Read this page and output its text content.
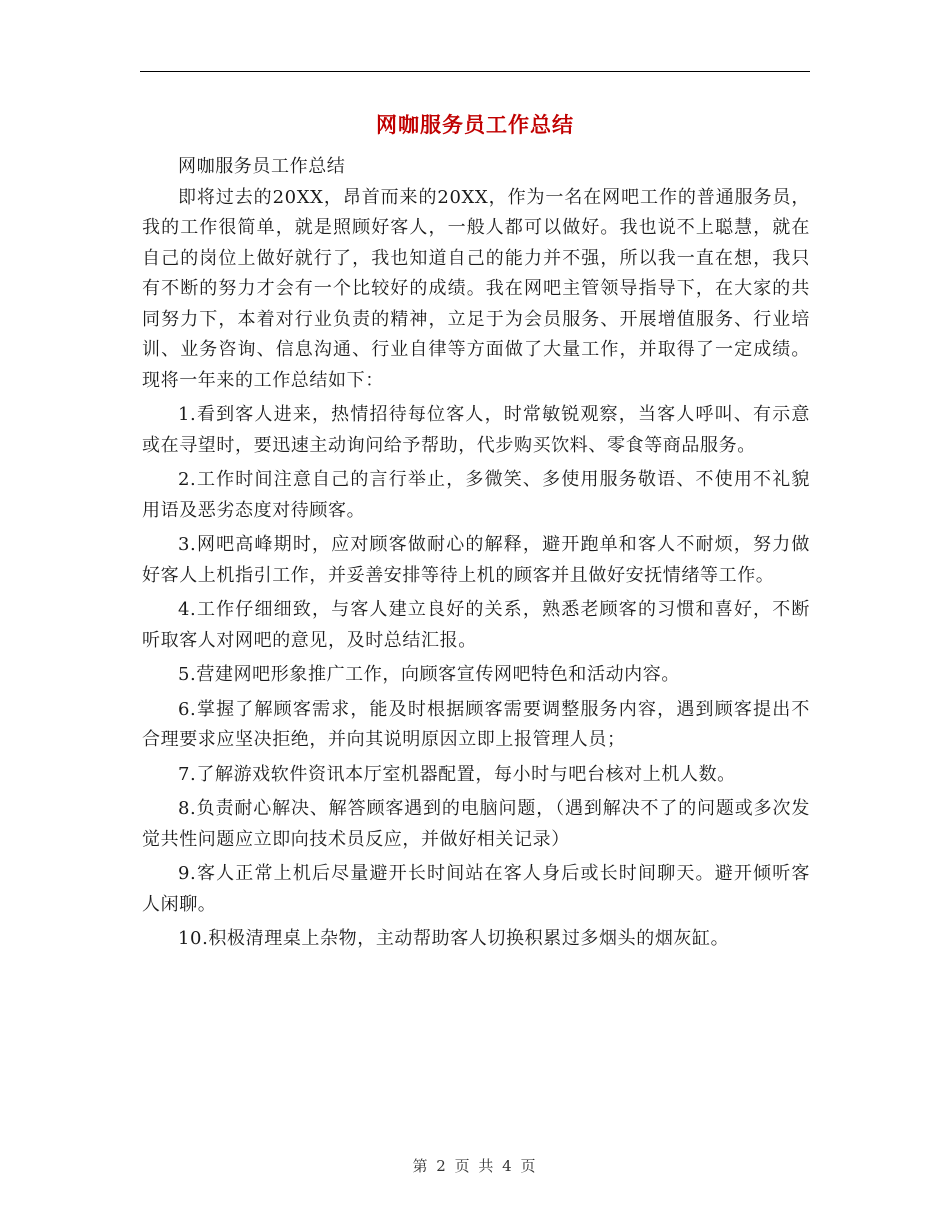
网咖服务员工作总结

网咖服务员工作总结

即将过去的20XX，昂首而来的20XX，作为一名在网吧工作的普通服务员，我的工作很简单，就是照顾好客人，一般人都可以做好。我也说不上聪慧，就在自己的岗位上做好就行了，我也知道自己的能力并不强，所以我一直在想，我只有不断的努力才会有一个比较好的成绩。我在网吧主管领导指导下，在大家的共同努力下，本着对行业负责的精神，立足于为会员服务、开展增值服务、行业培训、业务咨询、信息沟通、行业自律等方面做了大量工作，并取得了一定成绩。现将一年来的工作总结如下：

1.看到客人进来，热情招待每位客人，时常敏锐观察，当客人呼叫、有示意或在寻望时，要迅速主动询问给予帮助，代步购买饮料、零食等商品服务。

2.工作时间注意自己的言行举止，多微笑、多使用服务敬语、不使用不礼貌用语及恶劣态度对待顾客。

3.网吧高峰期时，应对顾客做耐心的解释，避开跑单和客人不耐烦，努力做好客人上机指引工作，并妥善安排等待上机的顾客并且做好安抚情绪等工作。

4.工作仔细细致，与客人建立良好的关系，熟悉老顾客的习惯和喜好，不断听取客人对网吧的意见，及时总结汇报。

5.营建网吧形象推广工作，向顾客宣传网吧特色和活动内容。

6.掌握了解顾客需求，能及时根据顾客需要调整服务内容，遇到顾客提出不合理要求应坚决拒绝，并向其说明原因立即上报管理人员；

7.了解游戏软件资讯本厅室机器配置，每小时与吧台核对上机人数。

8.负责耐心解决、解答顾客遇到的电脑问题，（遇到解决不了的问题或多次发觉共性问题应立即向技术员反应，并做好相关记录）

9.客人正常上机后尽量避开长时间站在客人身后或长时间聊天。避开倾听客人闲聊。

10.积极清理桌上杂物，主动帮助客人切换积累过多烟头的烟灰缸。

第 2 页 共 4 页
